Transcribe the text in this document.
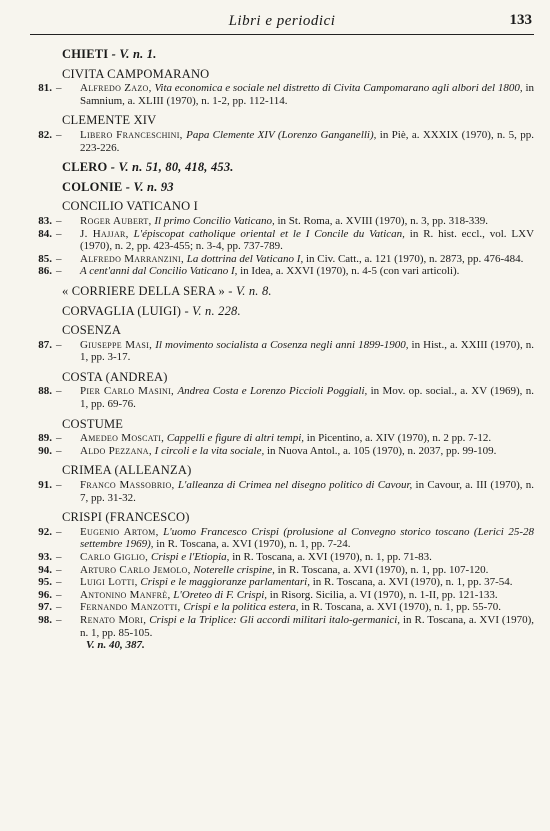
Libri e periodici	133
CHIETI - V. n. 1.
CIVITA CAMPOMARANO
81. – Alfredo Zazo, Vita economica e sociale nel distretto di Civita Campomarano agli albori del 1800, in Samnium, a. XLIII (1970), n. 1-2, pp. 112-114.
CLEMENTE XIV
82. – Libero Franceschini, Papa Clemente XIV (Lorenzo Ganganelli), in Piè, a. XXXIX (1970), n. 5, pp. 223-226.
CLERO - V. n. 51, 80, 418, 453.
COLONIE - V. n. 93
CONCILIO VATICANO I
83. – Roger Aubert, Il primo Concilio Vaticano, in St. Roma, a. XVIII (1970), n. 3, pp. 318-339.
84. – J. Hajjar, L'épiscopat catholique oriental et le I Concile du Vatican, in R. hist. eccl., vol. LXV (1970), n. 2, pp. 423-455; n. 3-4, pp. 737-789.
85. – Alfredo Marranzini, La dottrina del Vaticano I, in Civ. Catt., a. 121 (1970), n. 2873, pp. 476-484.
86. – A cent'anni dal Concilio Vaticano I, in Idea, a. XXVI (1970), n. 4-5 (con vari articoli).
« CORRIERE DELLA SERA » - V. n. 8.
CORVAGLIA (LUIGI) - V. n. 228.
COSENZA
87. – Giuseppe Masi, Il movimento socialista a Cosenza negli anni 1899-1900, in Hist., a. XXIII (1970), n. 1, pp. 3-17.
COSTA (ANDREA)
88. – Pier Carlo Masini, Andrea Costa e Lorenzo Piccioli Poggiali, in Mov. op. social., a. XV (1969), n. 1, pp. 69-76.
COSTUME
89. – Amedeo Moscati, Cappelli e figure di altri tempi, in Picentino, a. XIV (1970), n. 2 pp. 7-12.
90. – Aldo Pezzana, I circoli e la vita sociale, in Nuova Antol., a. 105 (1970), n. 2037, pp. 99-109.
CRIMEA (ALLEANZA)
91. – Franco Massobrio, L'alleanza di Crimea nel disegno politico di Cavour, in Cavour, a. III (1970), n. 7, pp. 31-32.
CRISPI (FRANCESCO)
92. – Eugenio Artom, L'uomo Francesco Crispi (prolusione al Convegno storico toscano (Lerici 25-28 settembre 1969), in R. Toscana, a. XVI (1970), n. 1, pp. 7-24.
93. – Carlo Giglio, Crispi e l'Etiopia, in R. Toscana, a. XVI (1970), n. 1, pp. 71-83.
94. – Arturo Carlo Jemolo, Noterelle crispine, in R. Toscana, a. XVI (1970), n. 1, pp. 107-120.
95. – Luigi Lotti, Crispi e le maggioranze parlamentari, in R. Toscana, a. XVI (1970), n. 1, pp. 37-54.
96. – Antonino Manfrè, L'Oreteo di F. Crispi, in Risorg. Sicilia, a. VI (1970), n. 1-II, pp. 121-133.
97. – Fernando Manzotti, Crispi e la politica estera, in R. Toscana, a. XVI (1970), n. 1, pp. 55-70.
98. – Renato Mori, Crispi e la Triplice: Gli accordi militari italo-germanici, in R. Toscana, a. XVI (1970), n. 1, pp. 85-105.
V. n. 40, 387.
